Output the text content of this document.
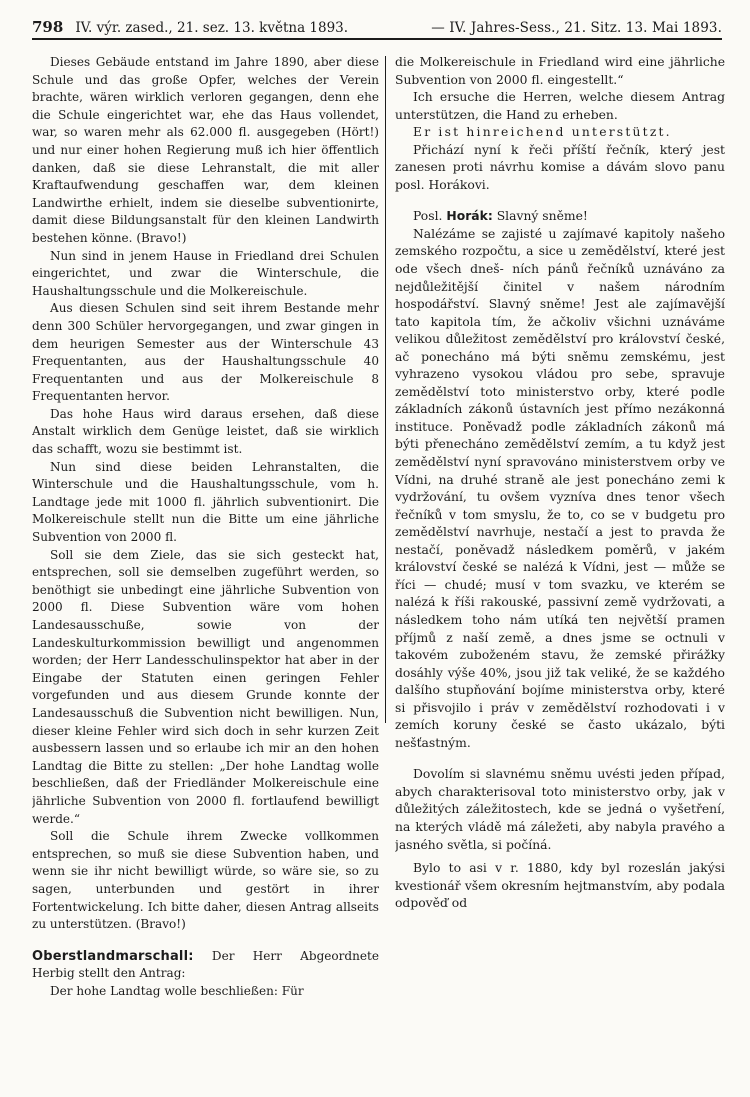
798 IV. výr. zased., 21. sez. 13. května 1893.	— IV. Jahres-Sess., 21. Sitz. 13. Mai 1893.

Dieses Gebäude entstand im Jahre 1890, aber diese Schule und das große Opfer, welches der Verein brachte, wären wirklich verloren gegangen, denn ehe die Schule eingerichtet war, ehe das Haus vollendet, war, so waren mehr als 62.000 fl. ausgegeben (Hört!) und nur einer hohen Regierung muß ich hier öffentlich danken, daß sie diese Lehranstalt, die mit aller Kraftaufwendung geschaffen war, dem kleinen Landwirthe erhielt, indem sie dieselbe subventionirte, damit diese Bildungsanstalt für den kleinen Landwirth bestehen könne. (Bravo!)

Nun sind in jenem Hause in Friedland drei Schulen eingerichtet, und zwar die Winterschule, die Haushaltungsschule und die Molkereischule.

Aus diesen Schulen sind seit ihrem Bestande mehr denn 300 Schüler hervorgegangen, und zwar gingen in dem heurigen Semester aus der Winterschule 43 Frequentanten, aus der Haushaltungsschule 40 Frequentanten und aus der Molkereischule 8 Frequentanten hervor.

Das hohe Haus wird daraus ersehen, daß diese Anstalt wirklich dem Genüge leistet, daß sie wirklich das schafft, wozu sie bestimmt ist.

Nun sind diese beiden Lehranstalten, die Winterschule und die Haushaltungsschule, vom h. Landtage jede mit 1000 fl. jährlich subventionirt. Die Molkereischule stellt nun die Bitte um eine jährliche Subvention von 2000 fl.

Soll sie dem Ziele, das sie sich gesteckt hat, entsprechen, soll sie demselben zugeführt werden, so benöthigt sie unbedingt eine jährliche Subvention von 2000 fl. Diese Subvention wäre vom hohen Landesausschuße, sowie von der Landeskulturkommission bewilligt und angenommen worden; der Herr Landesschulinspektor hat aber in der Eingabe der Statuten einen geringen Fehler vorgefunden und aus diesem Grunde konnte der Landesausschuß die Subvention nicht bewilligen. Nun, dieser kleine Fehler wird sich doch in sehr kurzen Zeit ausbessern lassen und so erlaube ich mir an den hohen Landtag die Bitte zu stellen: „Der hohe Landtag wolle beschließen, daß der Friedländer Molkereischule eine jährliche Subvention von 2000 fl. fortlaufend bewilligt werde.“

Soll die Schule ihrem Zwecke vollkommen entsprechen, so muß sie diese Subvention haben, und wenn sie ihr nicht bewilligt würde, so wäre sie, so zu sagen, unterbunden und gestört in ihrer Fortentwickelung. Ich bitte daher, diesen Antrag allseits zu unterstützen. (Bravo!)

Oberstlandmarschall: Der Herr Abgeordnete Herbig stellt den Antrag:

Der hohe Landtag wolle beschließen: Für

die Molkereischule in Friedland wird eine jährliche Subvention von 2000 fl. eingestellt.“

Ich ersuche die Herren, welche diesem Antrag unterstützen, die Hand zu erheben.

Er ist hinreichend unterstützt.

Přichází nyní k řeči příští řečník, který jest zanesen proti návrhu komise a dávám slovo panu posl. Horákovi.

Posl. Horák: Slavný sněme!

Nalézáme se zajisté u zajímavé kapitoly našeho zemského rozpočtu, a sice u zemědělství, které jest ode všech dneš- ních pánů řečníků uznáváno za nejdůležitější činitel v našem národním hospodářství. Slavný sněme! Jest ale zajímavější tato kapitola tím, že ačkoliv všichni uznáváme velikou důležitost zemědělství pro království české, ač ponecháno má býti sněmu zemskému, jest vyhrazeno vysokou vládou pro sebe, spravuje zemědělství toto ministerstvo orby, které podle základních zákonů ústavních jest přímo nezákonná instituce. Poněvadž podle základních zákonů má býti přenecháno zemědělství zemím, a tu když jest zemědělství nyní spravováno ministerstvem orby ve Vídni, na druhé straně ale jest ponecháno zemi k vydržování, tu ovšem vyzníva dnes tenor všech řečníků v tom smyslu, že to, co se v budgetu pro zemědělství navrhuje, nestačí a jest to pravda že nestačí, poněvadž následkem poměrů, v jakém království české se nalézá k Vídni, jest — může se říci — chudé; musí v tom svazku, ve kterém se nalézá k říši rakouské, passivní země vydržovati, a následkem toho nám utíká ten největší pramen příjmů z naší země, a dnes jsme se octnuli v takovém zuboženém stavu, že zemské přirážky dosáhly výše 40%, jsou již tak veliké, že se každého dalšího stupňování bojíme ministerstva orby, které si přisvojilo i práv v zemědělství rozhodovati i v zemích koruny české se často ukázalo, býti nešťastným.

Dovolím si slavnému sněmu uvésti jeden případ, abych charakterisoval toto ministerstvo orby, jak v důležitých záležitostech, kde se jedná o vyšetření, na kterých vládě má záležeti, aby nabyla pravého a jasného světla, si počíná.

Bylo to asi v r. 1880, kdy byl rozeslán jakýsi kvestionář všem okresním hejtmanstvím, aby podala odpověď od
